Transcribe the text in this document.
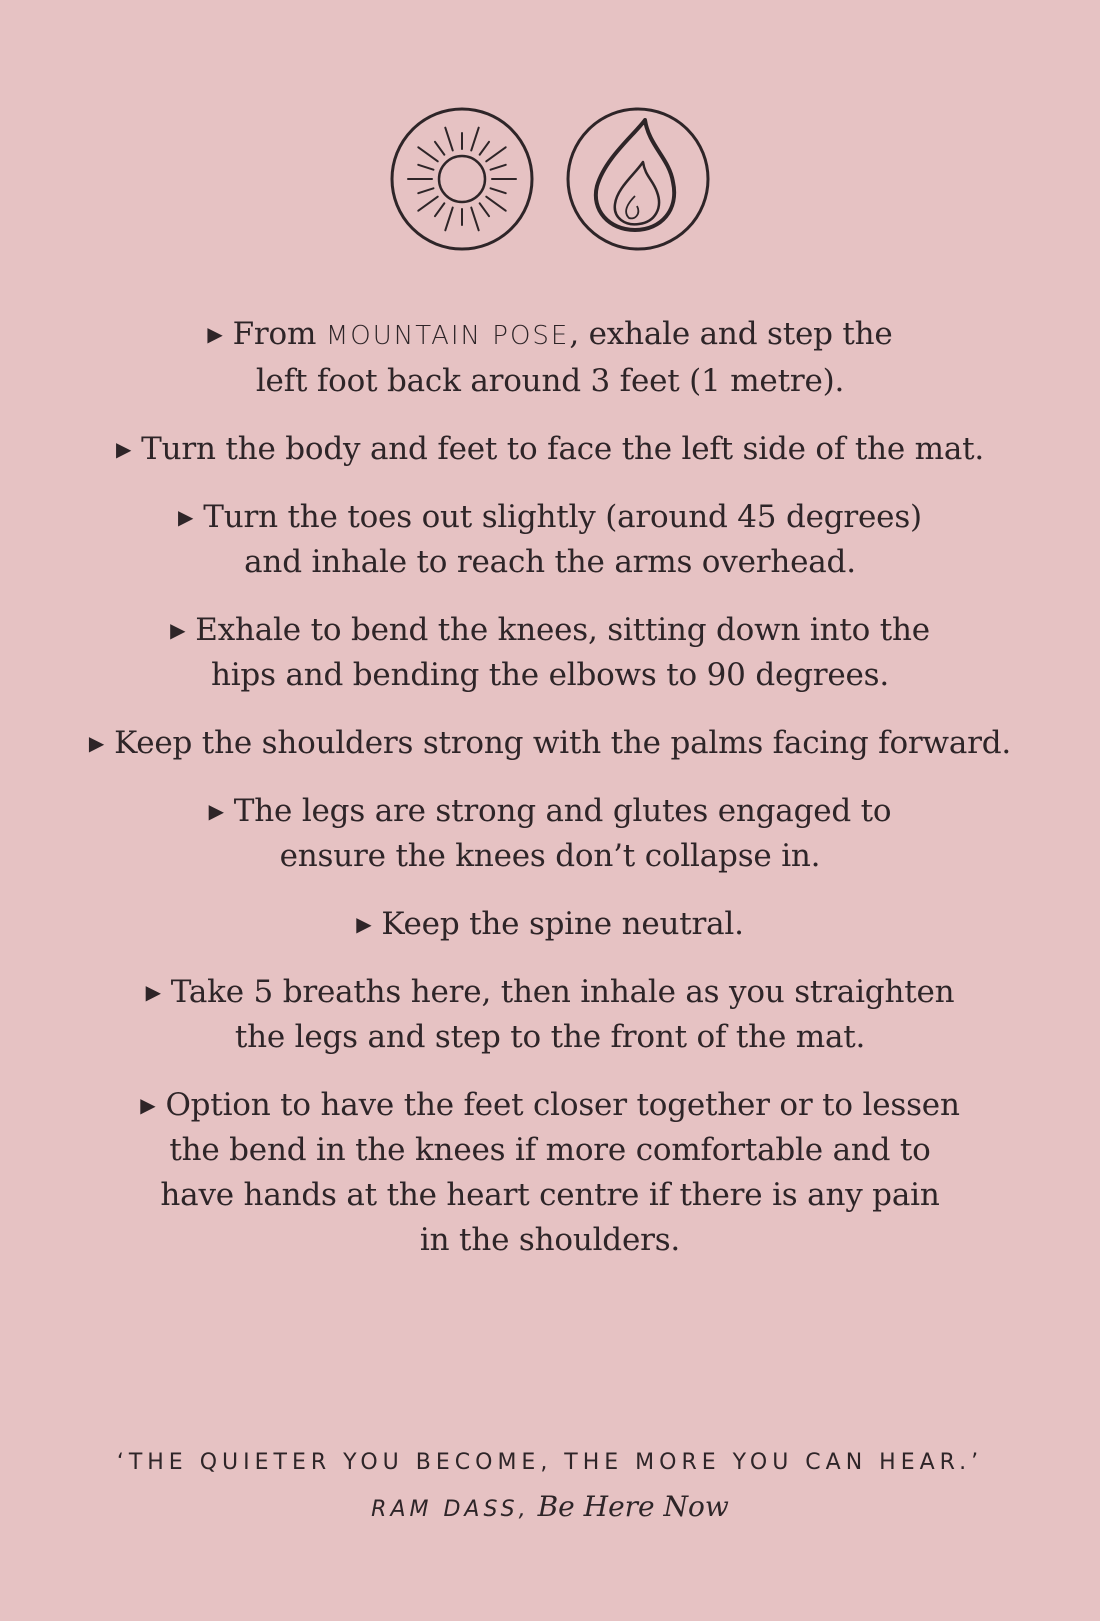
▶ From MOUNTAIN POSE, exhale and step the
left foot back around 3 feet (1 metre).
▶ Turn the body and feet to face the left side of the mat.
▶ Turn the toes out slightly (around 45 degrees)
and inhale to reach the arms overhead.
▶ Exhale to bend the knees, sitting down into the
hips and bending the elbows to 90 degrees.
▶ Keep the shoulders strong with the palms facing forward.
▶ The legs are strong and glutes engaged to
ensure the knees don’t collapse in.
▶ Keep the spine neutral.
▶ Take 5 breaths here, then inhale as you straighten
the legs and step to the front of the mat.
▶ Option to have the feet closer together or to lessen
the bend in the knees if more comfortable and to
have hands at the heart centre if there is any pain
in the shoulders.
‘THE QUIETER YOU BECOME, THE MORE YOU CAN HEAR.’
RAM DASS, Be Here Now
